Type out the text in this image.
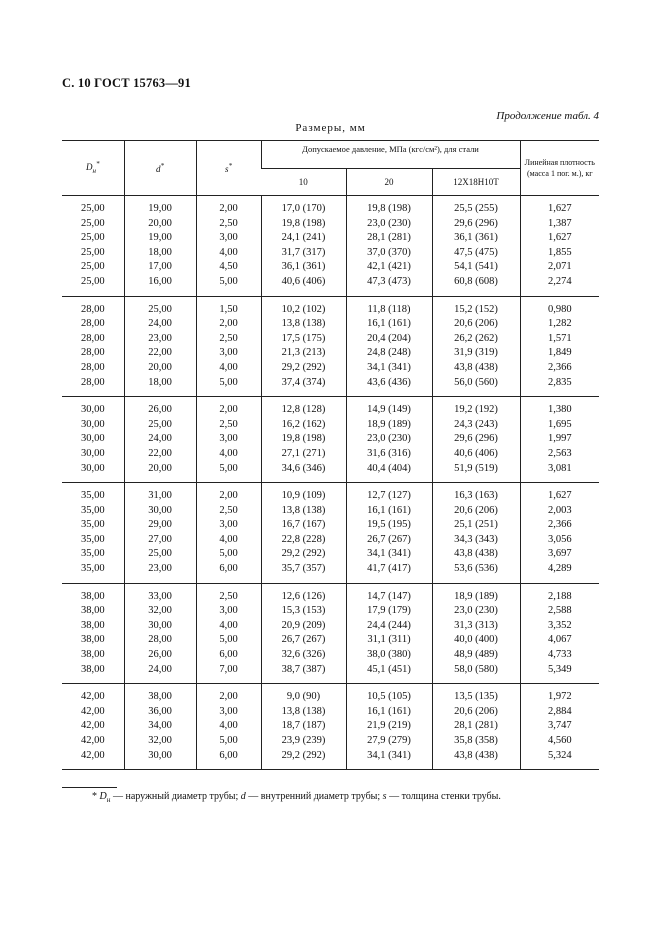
С. 10 ГОСТ 15763—91
Продолжение табл. 4
Размеры, мм
$D_н^*$	d*	s*	Допускаемое давление, МПа (кгс/см²), для стали			Линейная плотность (масса 1 пог. м.), кг
			10	20	12Х18Н10Т	
25,00	19,00	2,00	17,0 (170)	19,8 (198)	25,5 (255)	1,627
25,00	20,00	2,50	19,8 (198)	23,0 (230)	29,6 (296)	1,387
25,00	19,00	3,00	24,1 (241)	28,1 (281)	36,1 (361)	1,627
25,00	18,00	4,00	31,7 (317)	37,0 (370)	47,5 (475)	1,855
25,00	17,00	4,50	36,1 (361)	42,1 (421)	54,1 (541)	2,071
25,00	16,00	5,00	40,6 (406)	47,3 (473)	60,8 (608)	2,274
28,00	25,00	1,50	10,2 (102)	11,8 (118)	15,2 (152)	0,980
28,00	24,00	2,00	13,8 (138)	16,1 (161)	20,6 (206)	1,282
28,00	23,00	2,50	17,5 (175)	20,4 (204)	26,2 (262)	1,571
28,00	22,00	3,00	21,3 (213)	24,8 (248)	31,9 (319)	1,849
28,00	20,00	4,00	29,2 (292)	34,1 (341)	43,8 (438)	2,366
28,00	18,00	5,00	37,4 (374)	43,6 (436)	56,0 (560)	2,835
30,00	26,00	2,00	12,8 (128)	14,9 (149)	19,2 (192)	1,380
30,00	25,00	2,50	16,2 (162)	18,9 (189)	24,3 (243)	1,695
30,00	24,00	3,00	19,8 (198)	23,0 (230)	29,6 (296)	1,997
30,00	22,00	4,00	27,1 (271)	31,6 (316)	40,6 (406)	2,563
30,00	20,00	5,00	34,6 (346)	40,4 (404)	51,9 (519)	3,081
35,00	31,00	2,00	10,9 (109)	12,7 (127)	16,3 (163)	1,627
35,00	30,00	2,50	13,8 (138)	16,1 (161)	20,6 (206)	2,003
35,00	29,00	3,00	16,7 (167)	19,5 (195)	25,1 (251)	2,366
35,00	27,00	4,00	22,8 (228)	26,7 (267)	34,3 (343)	3,056
35,00	25,00	5,00	29,2 (292)	34,1 (341)	43,8 (438)	3,697
35,00	23,00	6,00	35,7 (357)	41,7 (417)	53,6 (536)	4,289
38,00	33,00	2,50	12,6 (126)	14,7 (147)	18,9 (189)	2,188
38,00	32,00	3,00	15,3 (153)	17,9 (179)	23,0 (230)	2,588
38,00	30,00	4,00	20,9 (209)	24,4 (244)	31,3 (313)	3,352
38,00	28,00	5,00	26,7 (267)	31,1 (311)	40,0 (400)	4,067
38,00	26,00	6,00	32,6 (326)	38,0 (380)	48,9 (489)	4,733
38,00	24,00	7,00	38,7 (387)	45,1 (451)	58,0 (580)	5,349
42,00	38,00	2,00	9,0 (90)	10,5 (105)	13,5 (135)	1,972
42,00	36,00	3,00	13,8 (138)	16,1 (161)	20,6 (206)	2,884
42,00	34,00	4,00	18,7 (187)	21,9 (219)	28,1 (281)	3,747
42,00	32,00	5,00	23,9 (239)	27,9 (279)	35,8 (358)	4,560
42,00	30,00	6,00	29,2 (292)	34,1 (341)	43,8 (438)	5,324
* $D_н$ — наружный диаметр трубы; d — внутренний диаметр трубы; s — толщина стенки трубы.
